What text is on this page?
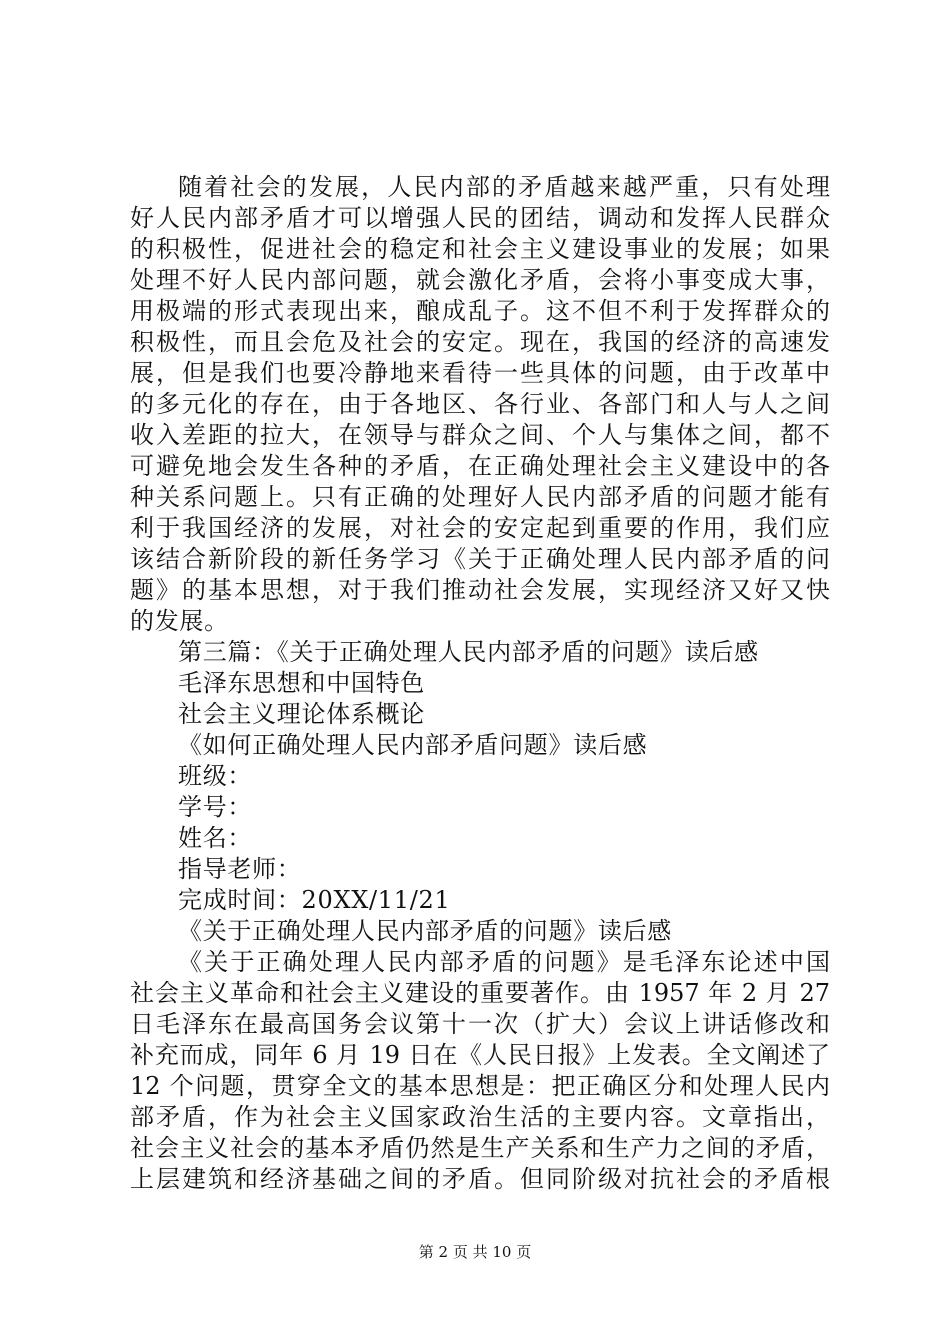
随着社会的发展，人民内部的矛盾越来越严重，只有处理
好人民内部矛盾才可以增强人民的团结，调动和发挥人民群众
的积极性，促进社会的稳定和社会主义建设事业的发展；如果
处理不好人民内部问题，就会激化矛盾，会将小事变成大事，
用极端的形式表现出来，酿成乱子。这不但不利于发挥群众的
积极性，而且会危及社会的安定。现在，我国的经济的高速发
展，但是我们也要冷静地来看待一些具体的问题，由于改革中
的多元化的存在，由于各地区、各行业、各部门和人与人之间
收入差距的拉大，在领导与群众之间、个人与集体之间，都不
可避免地会发生各种的矛盾，在正确处理社会主义建设中的各
种关系问题上。只有正确的处理好人民内部矛盾的问题才能有
利于我国经济的发展，对社会的安定起到重要的作用，我们应
该结合新阶段的新任务学习《关于正确处理人民内部矛盾的问
题》的基本思想，对于我们推动社会发展，实现经济又好又快
的发展。
第三篇：《关于正确处理人民内部矛盾的问题》读后感
毛泽东思想和中国特色
社会主义理论体系概论
《如何正确处理人民内部矛盾问题》读后感
班级：
学号：
姓名：
指导老师：
完成时间：20XX/11/21
《关于正确处理人民内部矛盾的问题》读后感
《关于正确处理人民内部矛盾的问题》是毛泽东论述中国
社会主义革命和社会主义建设的重要著作。由 1957 年 2 月 27
日毛泽东在最高国务会议第十一次（扩大）会议上讲话修改和
补充而成，同年 6 月 19 日在《人民日报》上发表。全文阐述了
12 个问题，贯穿全文的基本思想是：把正确区分和处理人民内
部矛盾，作为社会主义国家政治生活的主要内容。文章指出，
社会主义社会的基本矛盾仍然是生产关系和生产力之间的矛盾，
上层建筑和经济基础之间的矛盾。但同阶级对抗社会的矛盾根
第 2 页 共 10 页
